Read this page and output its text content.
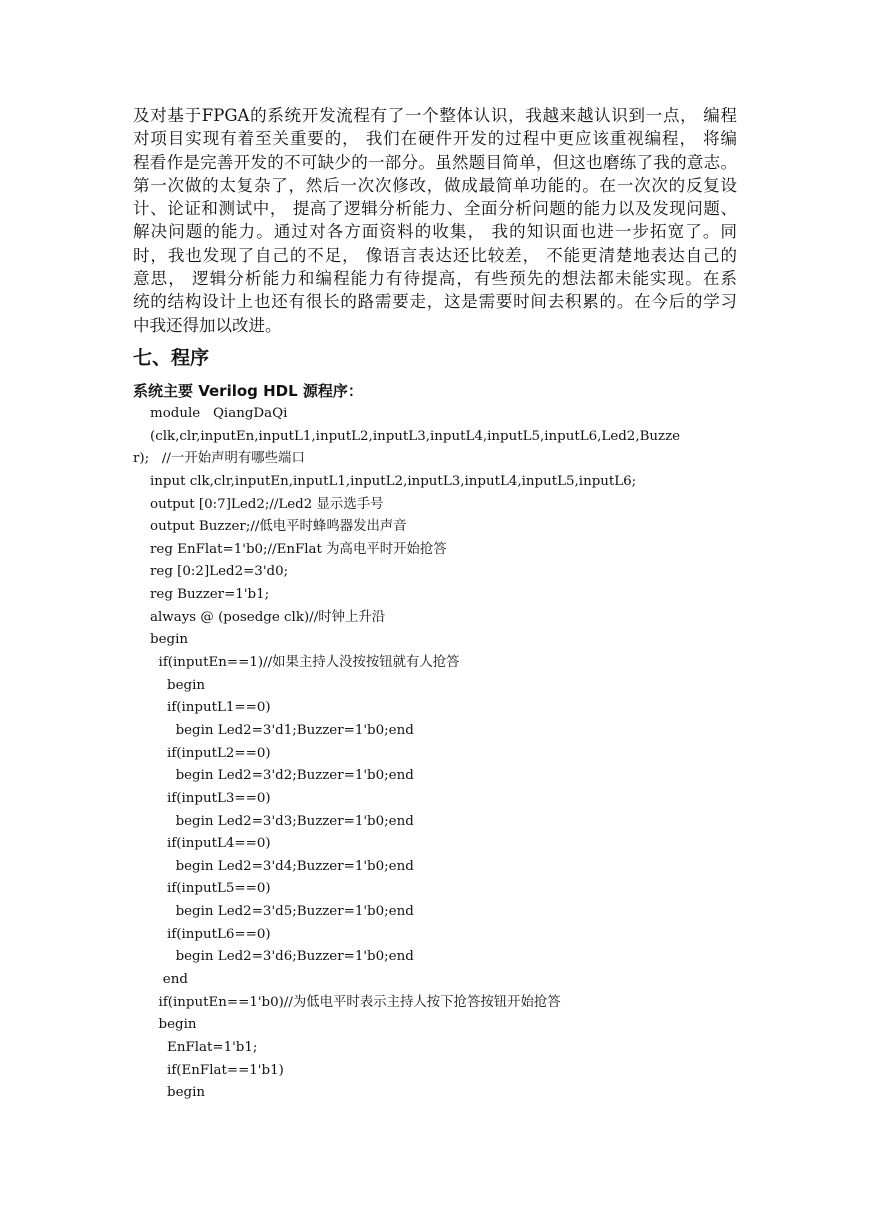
及对基于FPGA的系统开发流程有了一个整体认识，我越来越认识到一点， 编程
对项目实现有着至关重要的， 我们在硬件开发的过程中更应该重视编程， 将编
程看作是完善开发的不可缺少的一部分。虽然题目简单，但这也磨练了我的意志。
第一次做的太复杂了，然后一次次修改，做成最简单功能的。在一次次的反复设
计、论证和测试中， 提高了逻辑分析能力、全面分析问题的能力以及发现问题、
解决问题的能力。通过对各方面资料的收集， 我的知识面也进一步拓宽了。同
时，我也发现了自己的不足， 像语言表达还比较差， 不能更清楚地表达自己的
意思， 逻辑分析能力和编程能力有待提高，有些预先的想法都未能实现。在系
统的结构设计上也还有很长的路需要走，这是需要时间去积累的。在今后的学习
中我还得加以改进。
七、程序
系统主要 Verilog HDL 源程序：
module   QiangDaQi
(clk,clr,inputEn,inputL1,inputL2,inputL3,inputL4,inputL5,inputL6,Led2,Buzze
r);   //一开始声明有哪些端口
input clk,clr,inputEn,inputL1,inputL2,inputL3,inputL4,inputL5,inputL6;
output [0:7]Led2;//Led2 显示选手号
output Buzzer;//低电平时蜂鸣器发出声音
reg EnFlat=1'b0;//EnFlat 为高电平时开始抢答
reg [0:2]Led2=3'd0;
reg Buzzer=1'b1;
always @ (posedge clk)//时钟上升沿
begin
if(inputEn==1)//如果主持人没按按钮就有人抢答
begin
if(inputL1==0)
begin Led2=3'd1;Buzzer=1'b0;end
if(inputL2==0)
begin Led2=3'd2;Buzzer=1'b0;end
if(inputL3==0)
begin Led2=3'd3;Buzzer=1'b0;end
if(inputL4==0)
begin Led2=3'd4;Buzzer=1'b0;end
if(inputL5==0)
begin Led2=3'd5;Buzzer=1'b0;end
if(inputL6==0)
begin Led2=3'd6;Buzzer=1'b0;end
end
if(inputEn==1'b0)//为低电平时表示主持人按下抢答按钮开始抢答
begin
EnFlat=1'b1;
if(EnFlat==1'b1)
begin
